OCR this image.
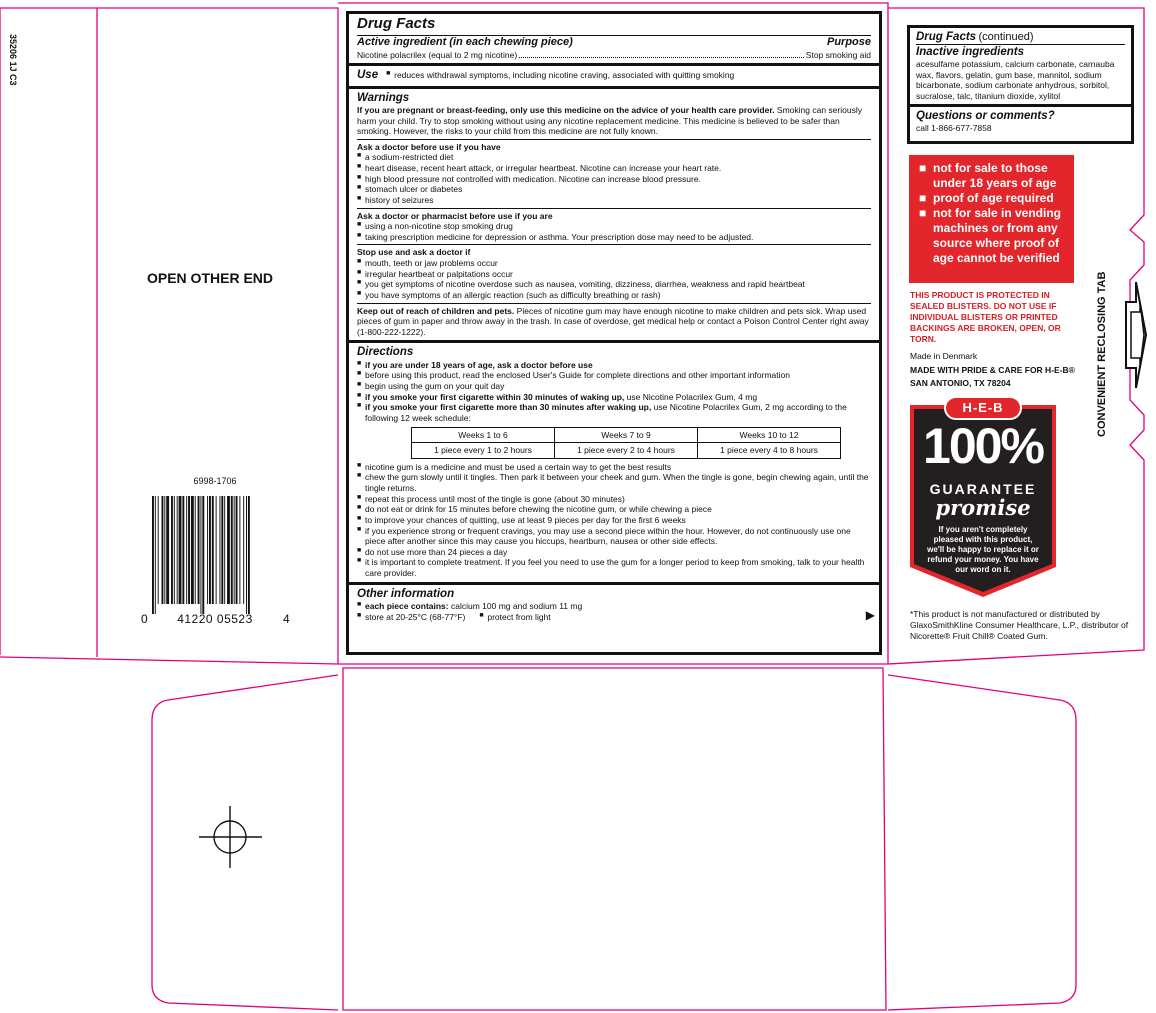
35206 1J C3
OPEN OTHER END
6998-1706
0	41220 05523	4
Drug Facts
Active ingredient (in each chewing piece)	Purpose
Nicotine polacrilex (equal to 2 mg nicotine)	Stop smoking aid
Use	■ reduces withdrawal symptoms, including nicotine craving, associated with quitting smoking
Warnings
If you are pregnant or breast-feeding, only use this medicine on the advice of your health care provider. Smoking can seriously harm your child. Try to stop smoking without using any nicotine replacement medicine. This medicine is believed to be safer than smoking. However, the risks to your child from this medicine are not fully known.
Ask a doctor before use if you have
■ a sodium-restricted diet
■ heart disease, recent heart attack, or irregular heartbeat. Nicotine can increase your heart rate.
■ high blood pressure not controlled with medication. Nicotine can increase blood pressure.
■ stomach ulcer or diabetes
■ history of seizures
Ask a doctor or pharmacist before use if you are
■ using a non-nicotine stop smoking drug
■ taking prescription medicine for depression or asthma. Your prescription dose may need to be adjusted.
Stop use and ask a doctor if
■ mouth, teeth or jaw problems occur
■ irregular heartbeat or palpitations occur
■ you get symptoms of nicotine overdose such as nausea, vomiting, dizziness, diarrhea, weakness and rapid heartbeat
■ you have symptoms of an allergic reaction (such as difficulty breathing or rash)
Keep out of reach of children and pets. Pieces of nicotine gum may have enough nicotine to make children and pets sick. Wrap used pieces of gum in paper and throw away in the trash. In case of overdose, get medical help or contact a Poison Control Center right away (1-800-222-1222).
Directions
■ if you are under 18 years of age, ask a doctor before use
■ before using this product, read the enclosed User's Guide for complete directions and other important information
■ begin using the gum on your quit day
■ if you smoke your first cigarette within 30 minutes of waking up, use Nicotine Polacrilex Gum, 4 mg
■ if you smoke your first cigarette more than 30 minutes after waking up, use Nicotine Polacrilex Gum, 2 mg according to the following 12 week schedule:
Weeks 1 to 6	Weeks 7 to 9	Weeks 10 to 12
1 piece every 1 to 2 hours	1 piece every 2 to 4 hours	1 piece every 4 to 8 hours
■ nicotine gum is a medicine and must be used a certain way to get the best results
■ chew the gum slowly until it tingles. Then park it between your cheek and gum. When the tingle is gone, begin chewing again, until the tingle returns.
■ repeat this process until most of the tingle is gone (about 30 minutes)
■ do not eat or drink for 15 minutes before chewing the nicotine gum, or while chewing a piece
■ to improve your chances of quitting, use at least 9 pieces per day for the first 6 weeks
■ if you experience strong or frequent cravings, you may use a second piece within the hour. However, do not continuously use one piece after another since this may cause you hiccups, heartburn, nausea or other side effects.
■ do not use more than 24 pieces a day
■ it is important to complete treatment. If you feel you need to use the gum for a longer period to keep from smoking, talk to your health care provider.
Other information
■ each piece contains: calcium 100 mg and sodium 11 mg
■ store at 20-25°C (68-77°F)	■ protect from light	▶
Drug Facts (continued)
Inactive ingredients
acesulfame potassium, calcium carbonate, carnauba wax, flavors, gelatin, gum base, mannitol, sodium bicarbonate, sodium carbonate anhydrous, sorbitol, sucralose, talc, titanium dioxide, xylitol
Questions or comments?
call 1-866-677-7858
■ not for sale to those under 18 years of age
■ proof of age required
■ not for sale in vending machines or from any source where proof of age cannot be verified
THIS PRODUCT IS PROTECTED IN SEALED BLISTERS. DO NOT USE IF INDIVIDUAL BLISTERS OR PRINTED BACKINGS ARE BROKEN, OPEN, OR TORN.
Made in Denmark
MADE WITH PRIDE & CARE FOR H-E-B®
SAN ANTONIO, TX 78204
H-E-B
100%
GUARANTEE
promise
If you aren't completely pleased with this product, we'll be happy to replace it or refund your money. You have our word on it.
*This product is not manufactured or distributed by GlaxoSmithKline Consumer Healthcare, L.P., distributor of Nicorette® Fruit Chill® Coated Gum.
CONVENIENT RECLOSING TAB
